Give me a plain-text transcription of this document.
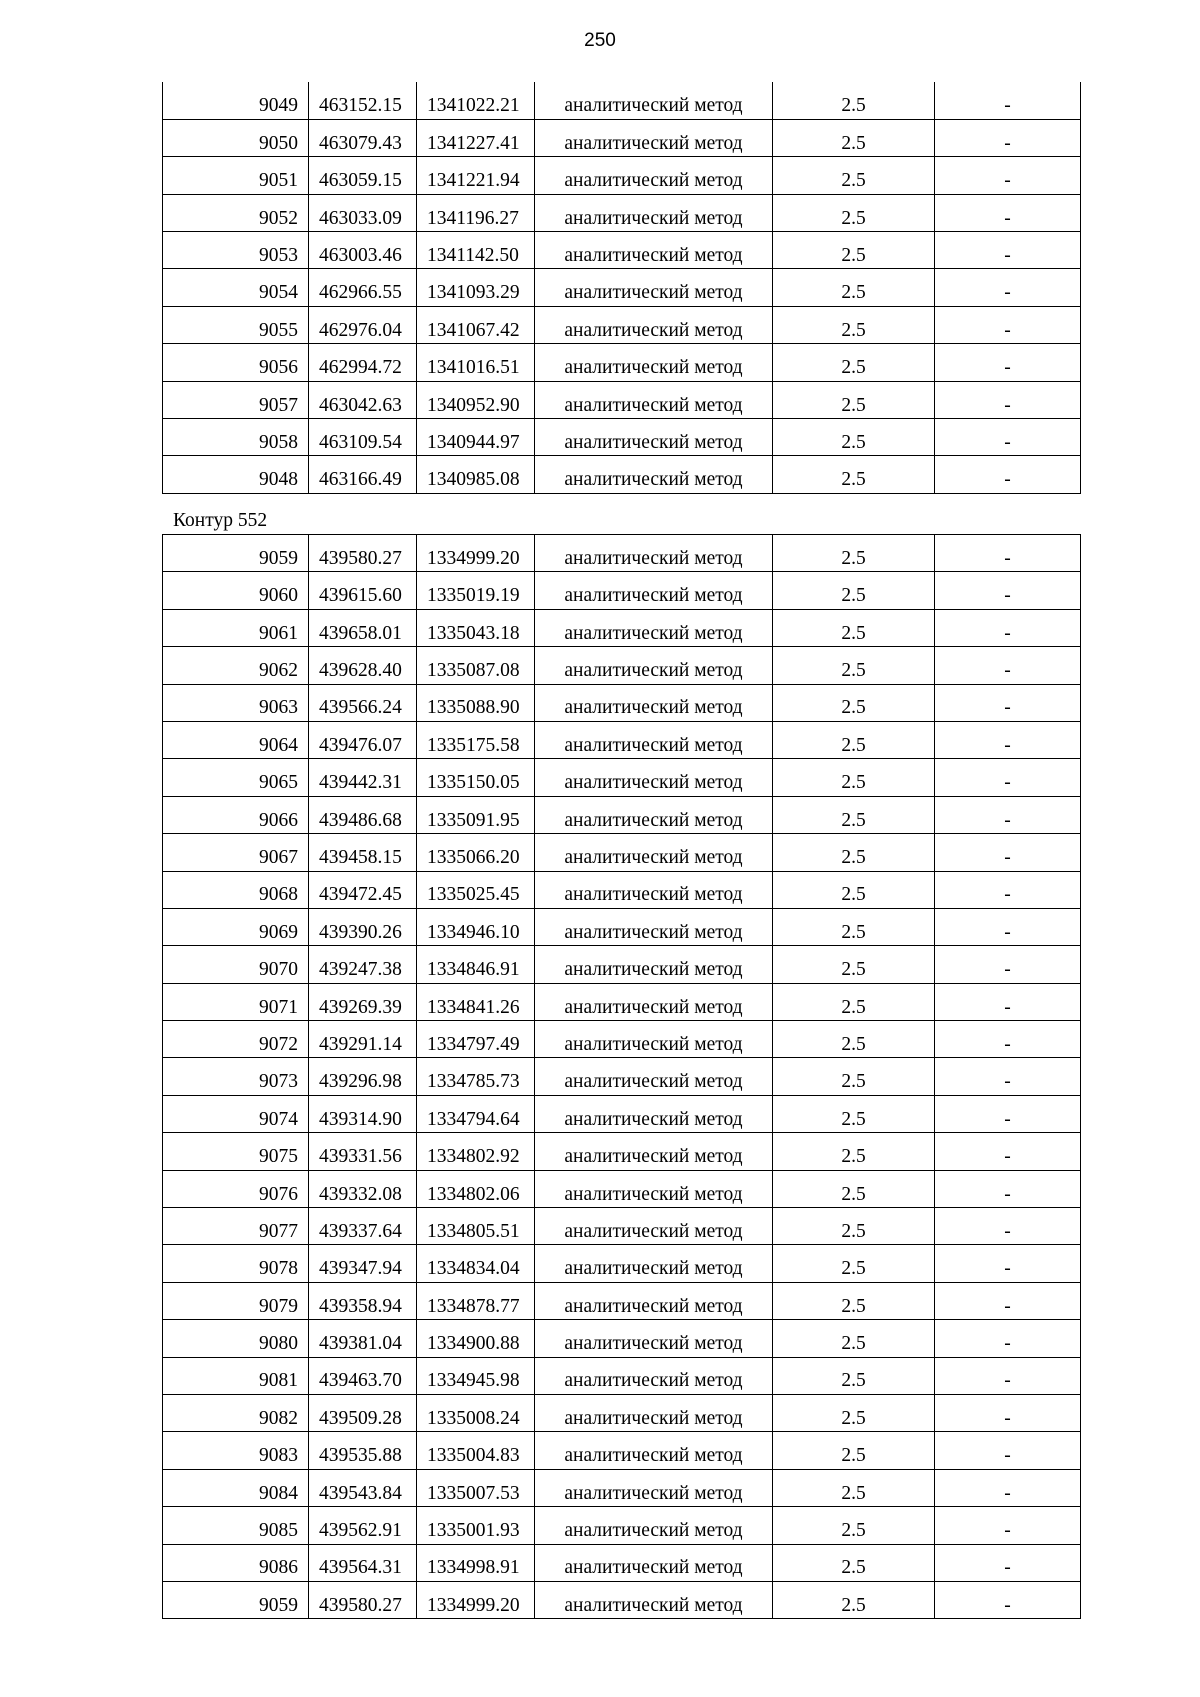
250
9049	463152.15	1341022.21	аналитический метод	2.5	-
9050	463079.43	1341227.41	аналитический метод	2.5	-
9051	463059.15	1341221.94	аналитический метод	2.5	-
9052	463033.09	1341196.27	аналитический метод	2.5	-
9053	463003.46	1341142.50	аналитический метод	2.5	-
9054	462966.55	1341093.29	аналитический метод	2.5	-
9055	462976.04	1341067.42	аналитический метод	2.5	-
9056	462994.72	1341016.51	аналитический метод	2.5	-
9057	463042.63	1340952.90	аналитический метод	2.5	-
9058	463109.54	1340944.97	аналитический метод	2.5	-
9048	463166.49	1340985.08	аналитический метод	2.5	-
Контур 552
9059	439580.27	1334999.20	аналитический метод	2.5	-
9060	439615.60	1335019.19	аналитический метод	2.5	-
9061	439658.01	1335043.18	аналитический метод	2.5	-
9062	439628.40	1335087.08	аналитический метод	2.5	-
9063	439566.24	1335088.90	аналитический метод	2.5	-
9064	439476.07	1335175.58	аналитический метод	2.5	-
9065	439442.31	1335150.05	аналитический метод	2.5	-
9066	439486.68	1335091.95	аналитический метод	2.5	-
9067	439458.15	1335066.20	аналитический метод	2.5	-
9068	439472.45	1335025.45	аналитический метод	2.5	-
9069	439390.26	1334946.10	аналитический метод	2.5	-
9070	439247.38	1334846.91	аналитический метод	2.5	-
9071	439269.39	1334841.26	аналитический метод	2.5	-
9072	439291.14	1334797.49	аналитический метод	2.5	-
9073	439296.98	1334785.73	аналитический метод	2.5	-
9074	439314.90	1334794.64	аналитический метод	2.5	-
9075	439331.56	1334802.92	аналитический метод	2.5	-
9076	439332.08	1334802.06	аналитический метод	2.5	-
9077	439337.64	1334805.51	аналитический метод	2.5	-
9078	439347.94	1334834.04	аналитический метод	2.5	-
9079	439358.94	1334878.77	аналитический метод	2.5	-
9080	439381.04	1334900.88	аналитический метод	2.5	-
9081	439463.70	1334945.98	аналитический метод	2.5	-
9082	439509.28	1335008.24	аналитический метод	2.5	-
9083	439535.88	1335004.83	аналитический метод	2.5	-
9084	439543.84	1335007.53	аналитический метод	2.5	-
9085	439562.91	1335001.93	аналитический метод	2.5	-
9086	439564.31	1334998.91	аналитический метод	2.5	-
9059	439580.27	1334999.20	аналитический метод	2.5	-
